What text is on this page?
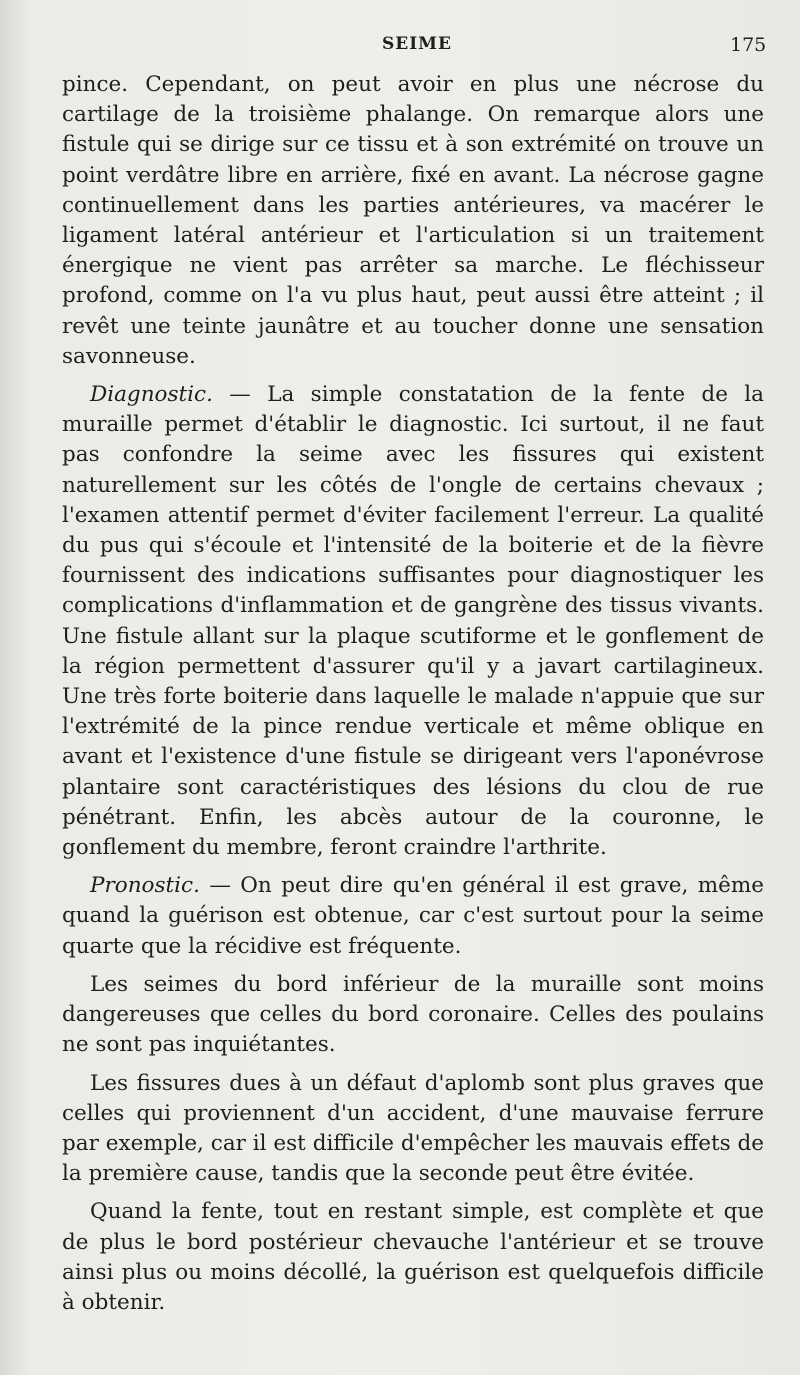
SEIME	175

pince. Cependant, on peut avoir en plus une nécrose du cartilage de la troisième phalange. On remarque alors une fistule qui se dirige sur ce tissu et à son extrémité on trouve un point verdâtre libre en arrière, fixé en avant. La nécrose gagne continuellement dans les parties antérieures, va macérer le ligament latéral antérieur et l'articulation si un traitement énergique ne vient pas arrêter sa marche. Le fléchisseur profond, comme on l'a vu plus haut, peut aussi être atteint ; il revêt une teinte jaunâtre et au toucher donne une sensation savonneuse.

Diagnostic. — La simple constatation de la fente de la muraille permet d'établir le diagnostic. Ici surtout, il ne faut pas confondre la seime avec les fissures qui existent naturellement sur les côtés de l'ongle de certains chevaux ; l'examen attentif permet d'éviter facilement l'erreur. La qualité du pus qui s'écoule et l'intensité de la boiterie et de la fièvre fournissent des indications suffisantes pour diagnostiquer les complications d'inflammation et de gangrène des tissus vivants. Une fistule allant sur la plaque scutiforme et le gonflement de la région permettent d'assurer qu'il y a javart cartilagineux. Une très forte boiterie dans laquelle le malade n'appuie que sur l'extrémité de la pince rendue verticale et même oblique en avant et l'existence d'une fistule se dirigeant vers l'aponévrose plantaire sont caractéristiques des lésions du clou de rue pénétrant. Enfin, les abcès autour de la couronne, le gonflement du membre, feront craindre l'arthrite.

Pronostic. — On peut dire qu'en général il est grave, même quand la guérison est obtenue, car c'est surtout pour la seime quarte que la récidive est fréquente.

Les seimes du bord inférieur de la muraille sont moins dangereuses que celles du bord coronaire. Celles des poulains ne sont pas inquiétantes.

Les fissures dues à un défaut d'aplomb sont plus graves que celles qui proviennent d'un accident, d'une mauvaise ferrure par exemple, car il est difficile d'empêcher les mauvais effets de la première cause, tandis que la seconde peut être évitée.

Quand la fente, tout en restant simple, est complète et que de plus le bord postérieur chevauche l'antérieur et se trouve ainsi plus ou moins décollé, la guérison est quelquefois difficile à obtenir.
